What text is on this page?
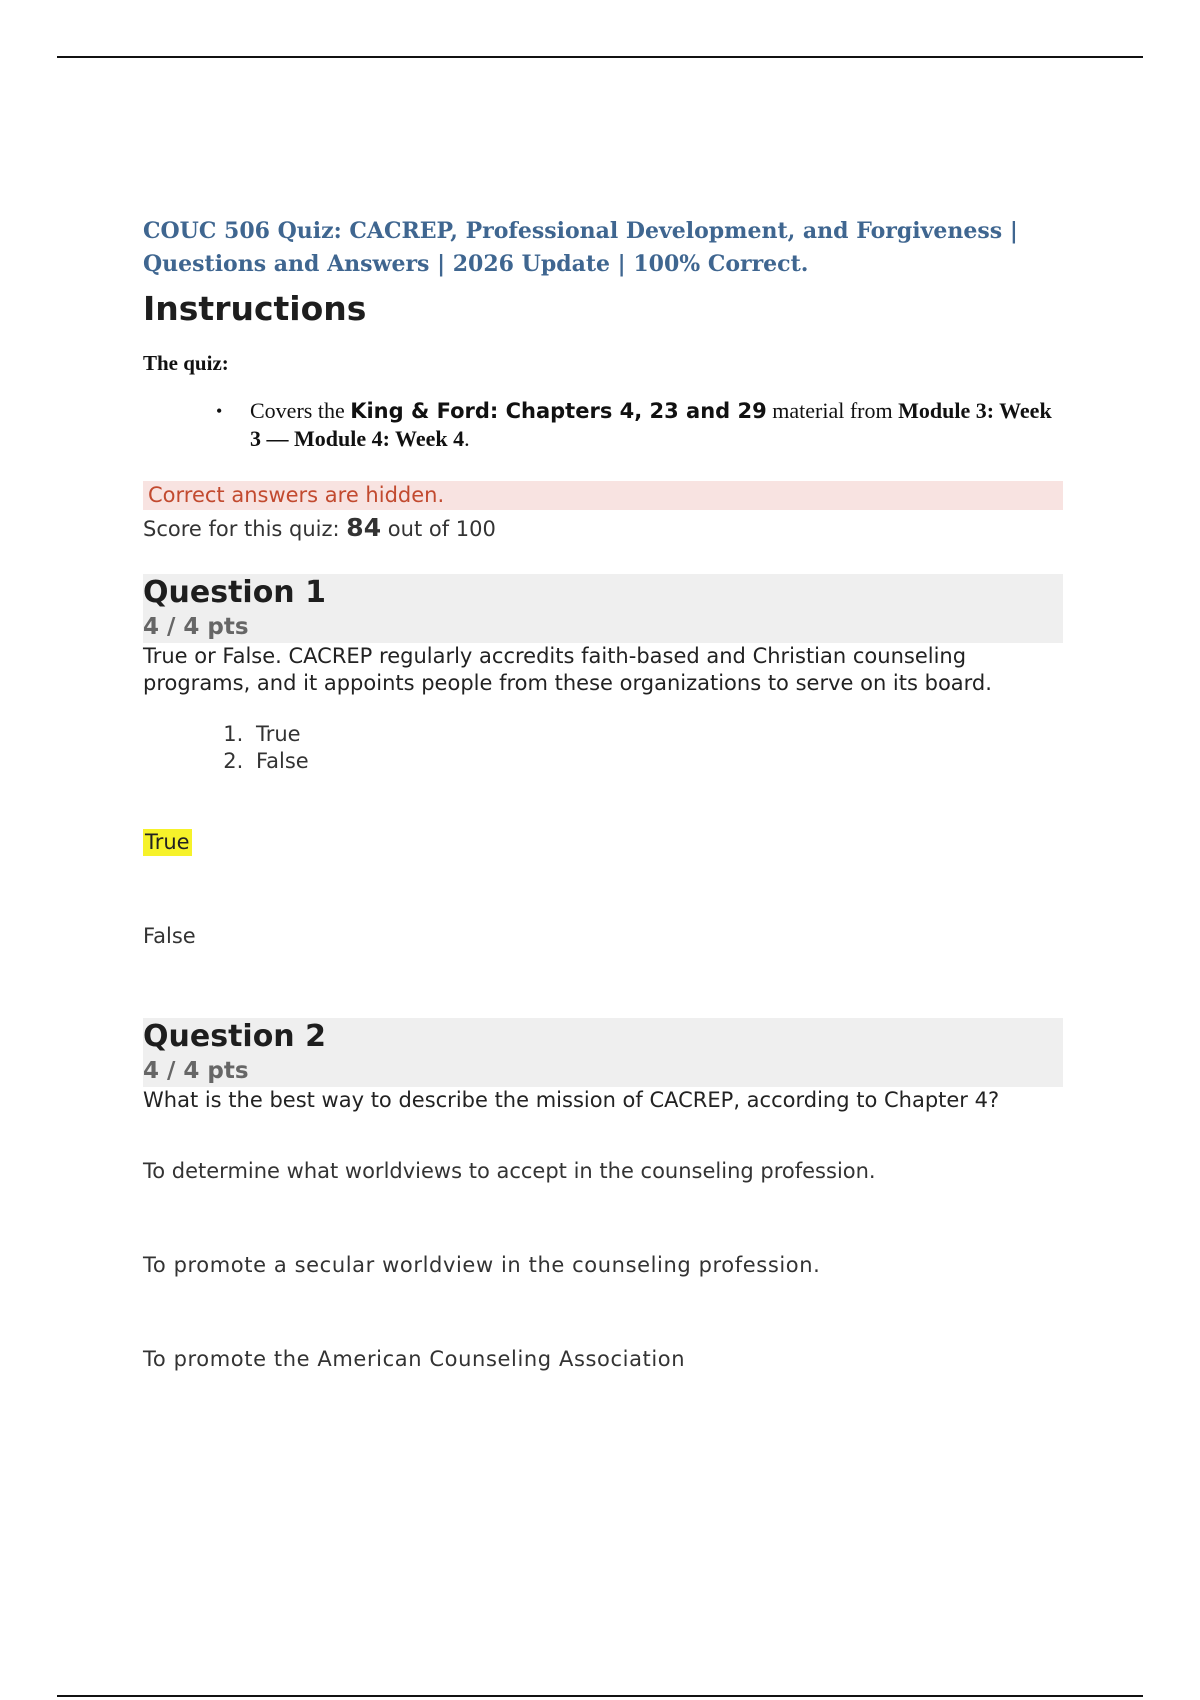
COUC 506 Quiz: CACREP, Professional Development, and Forgiveness |
Questions and Answers | 2026 Update | 100% Correct.
Instructions
The quiz:
• Covers the King & Ford: Chapters 4, 23 and 29 material from Module 3: Week 3 — Module 4: Week 4.
Correct answers are hidden.
Score for this quiz: 84 out of 100
Question 1
4 / 4 pts
True or False. CACREP regularly accredits faith-based and Christian counseling programs, and it appoints people from these organizations to serve on its board.
1. True
2. False
True
False
Question 2
4 / 4 pts
What is the best way to describe the mission of CACREP, according to Chapter 4?
To determine what worldviews to accept in the counseling profession.
To promote a secular worldview in the counseling profession.
To promote the American Counseling Association
